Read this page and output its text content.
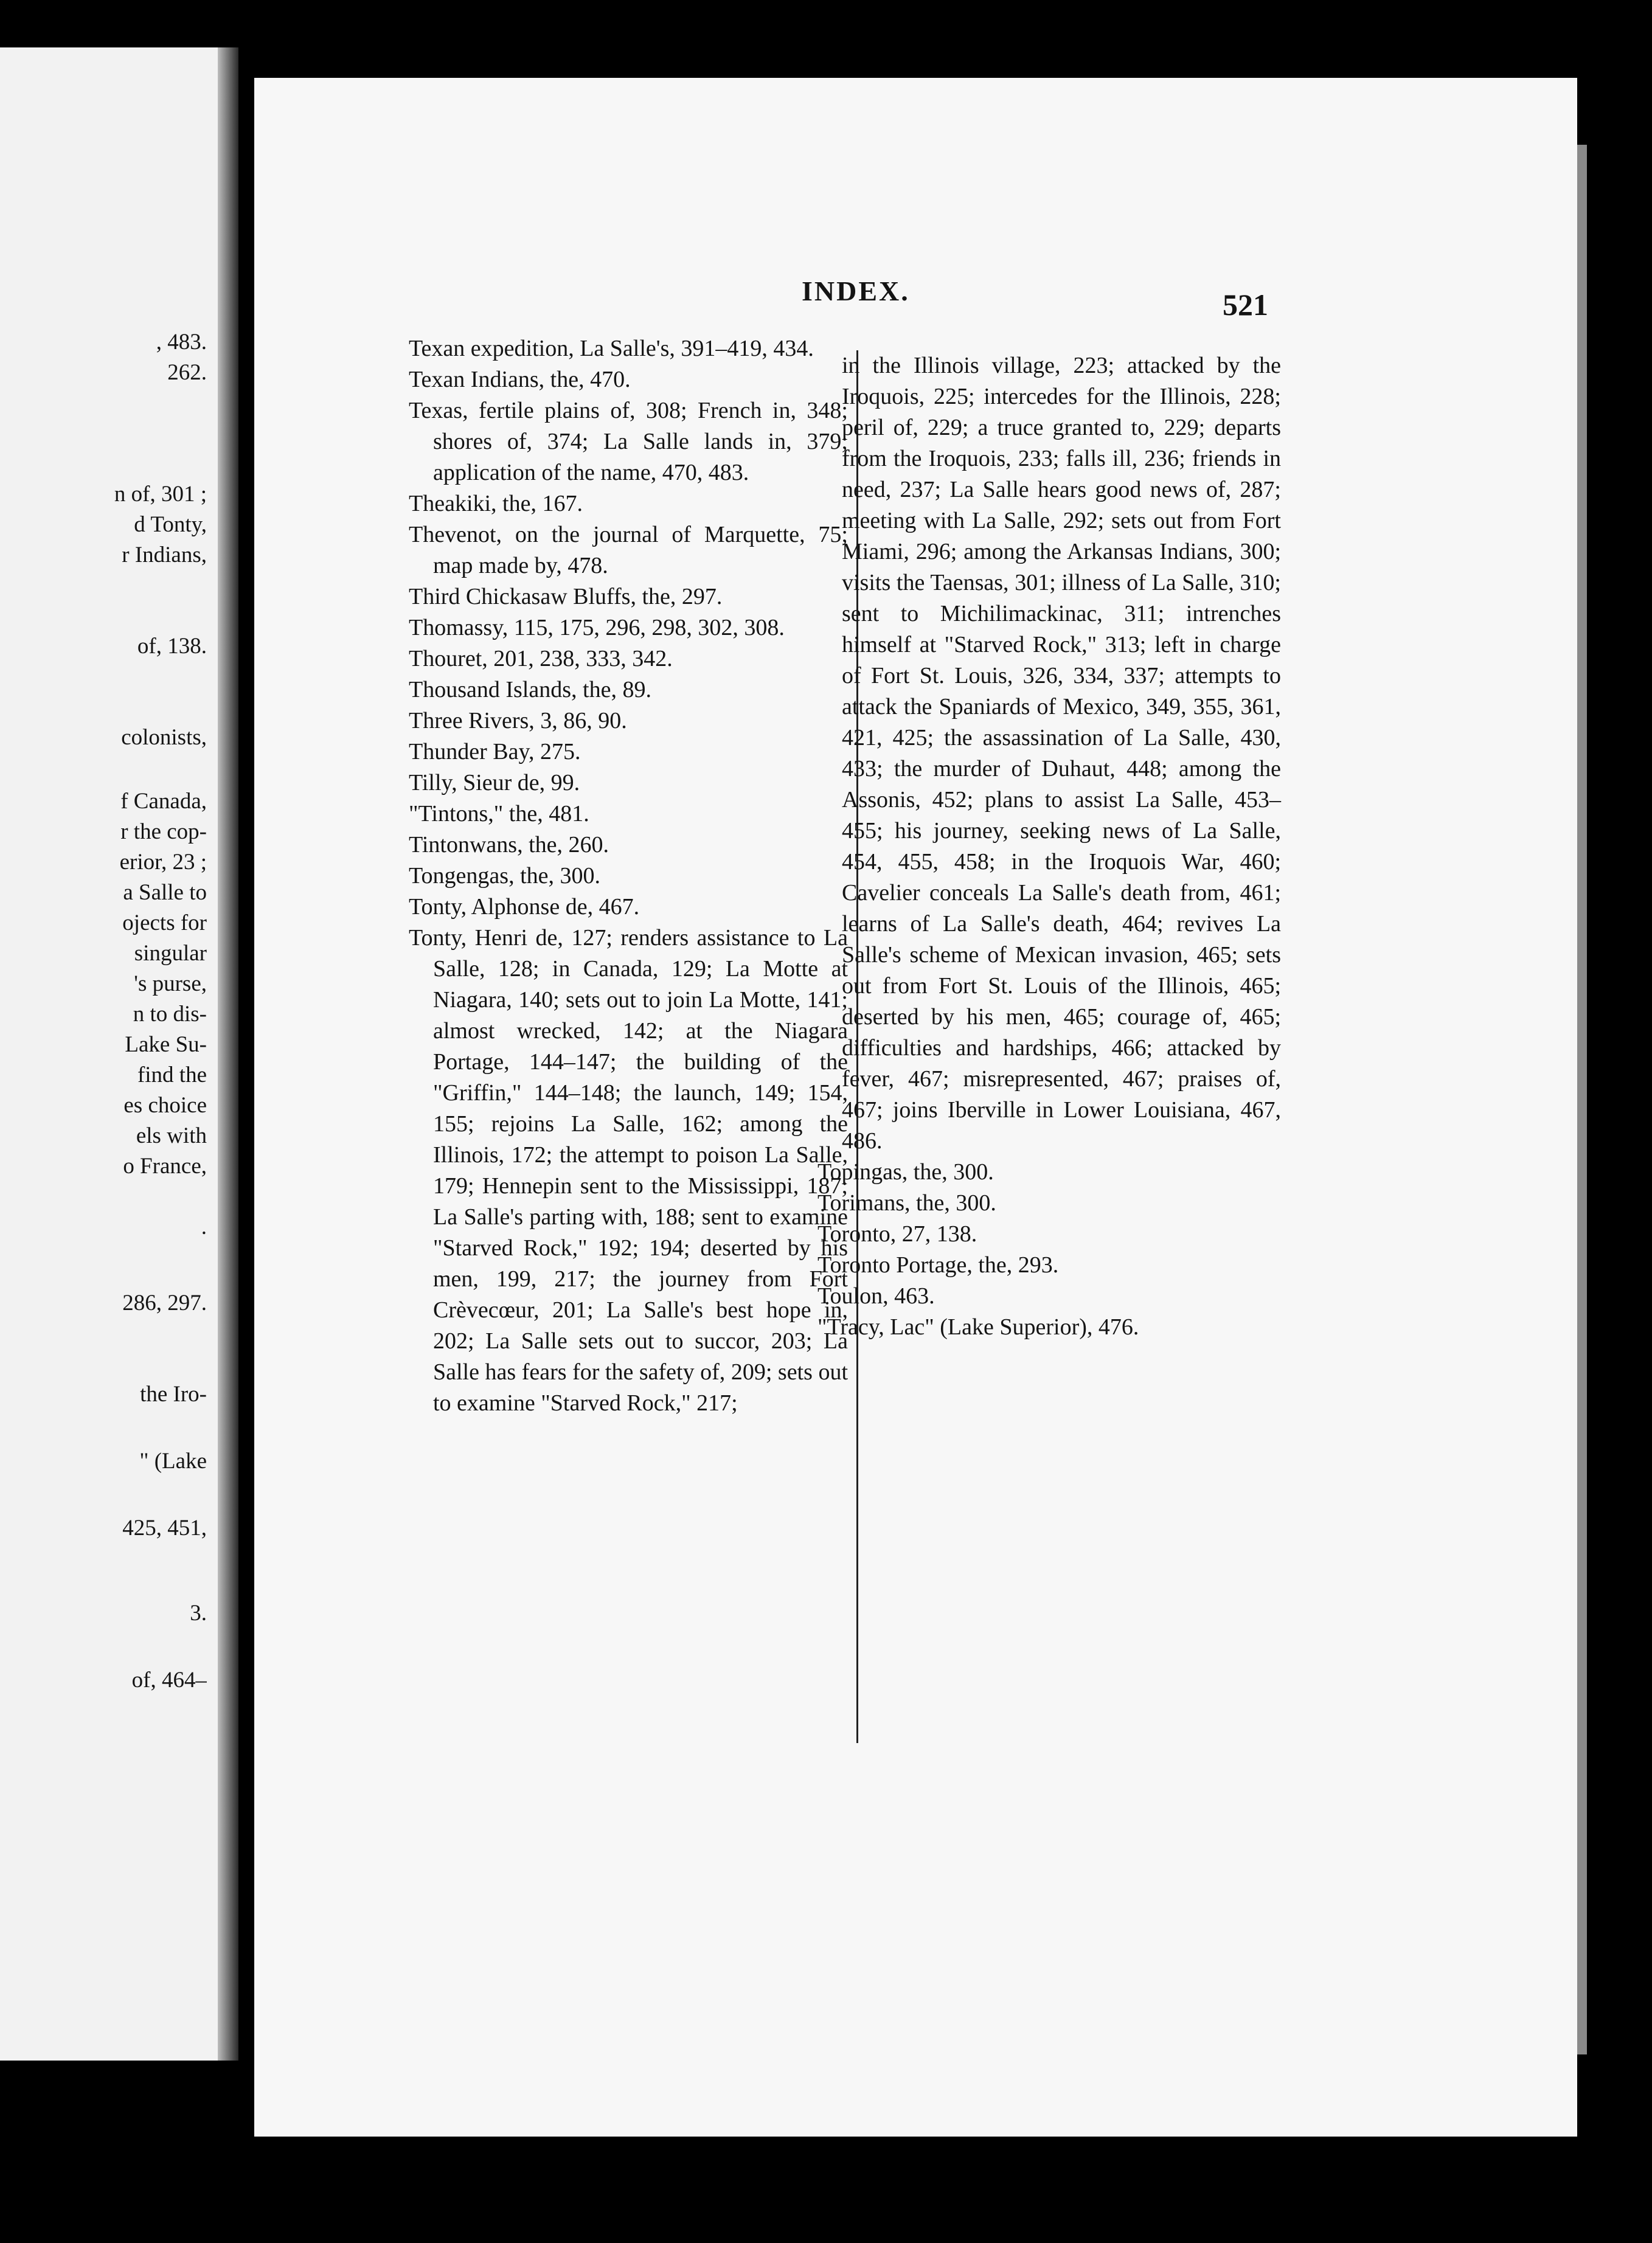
, 483.
262.
n of, 301 ;
d Tonty,
r Indians,
of, 138.
colonists,
f Canada,
r the cop-
erior, 23 ;
a Salle to
ojects for
singular
's purse,
n to dis-
Lake Su-
find the
es choice
els with
o France,
.
286, 297.
the Iro-
" (Lake
425, 451,
3.
of, 464–
INDEX.	521

Texan expedition, La Salle's, 391–419, 434.

Texan Indians, the, 470.

Texas, fertile plains of, 308; French in, 348; shores of, 374; La Salle lands in, 379; application of the name, 470, 483.

Theakiki, the, 167.

Thevenot, on the journal of Marquette, 75; map made by, 478.

Third Chickasaw Bluffs, the, 297.

Thomassy, 115, 175, 296, 298, 302, 308.

Thouret, 201, 238, 333, 342.

Thousand Islands, the, 89.

Three Rivers, 3, 86, 90.

Thunder Bay, 275.

Tilly, Sieur de, 99.

"Tintons," the, 481.

Tintonwans, the, 260.

Tongengas, the, 300.

Tonty, Alphonse de, 467.

Tonty, Henri de, 127; renders assistance to La Salle, 128; in Canada, 129; La Motte at Niagara, 140; sets out to join La Motte, 141; almost wrecked, 142; at the Niagara Portage, 144–147; the building of the "Griffin," 144–148; the launch, 149; 154, 155; rejoins La Salle, 162; among the Illinois, 172; the attempt to poison La Salle, 179; Hennepin sent to the Mississippi, 187; La Salle's parting with, 188; sent to examine "Starved Rock," 192; 194; deserted by his men, 199, 217; the journey from Fort Crèvecœur, 201; La Salle's best hope in, 202; La Salle sets out to succor, 203; La Salle has fears for the safety of, 209; sets out to examine "Starved Rock," 217;

in the Illinois village, 223; attacked by the Iroquois, 225; intercedes for the Illinois, 228; peril of, 229; a truce granted to, 229; departs from the Iroquois, 233; falls ill, 236; friends in need, 237; La Salle hears good news of, 287; meeting with La Salle, 292; sets out from Fort Miami, 296; among the Arkansas Indians, 300; visits the Taensas, 301; illness of La Salle, 310; sent to Michilimackinac, 311; intrenches himself at "Starved Rock," 313; left in charge of Fort St. Louis, 326, 334, 337; attempts to attack the Spaniards of Mexico, 349, 355, 361, 421, 425; the assassination of La Salle, 430, 433; the murder of Duhaut, 448; among the Assonis, 452; plans to assist La Salle, 453–455; his journey, seeking news of La Salle, 454, 455, 458; in the Iroquois War, 460; Cavelier conceals La Salle's death from, 461; learns of La Salle's death, 464; revives La Salle's scheme of Mexican invasion, 465; sets out from Fort St. Louis of the Illinois, 465; deserted by his men, 465; courage of, 465; difficulties and hardships, 466; attacked by fever, 467; misrepresented, 467; praises of, 467; joins Iberville in Lower Louisiana, 467, 486.

Topingas, the, 300.

Torimans, the, 300.

Toronto, 27, 138.

Toronto Portage, the, 293.

Toulon, 463.

"Tracy, Lac" (Lake Superior), 476.
